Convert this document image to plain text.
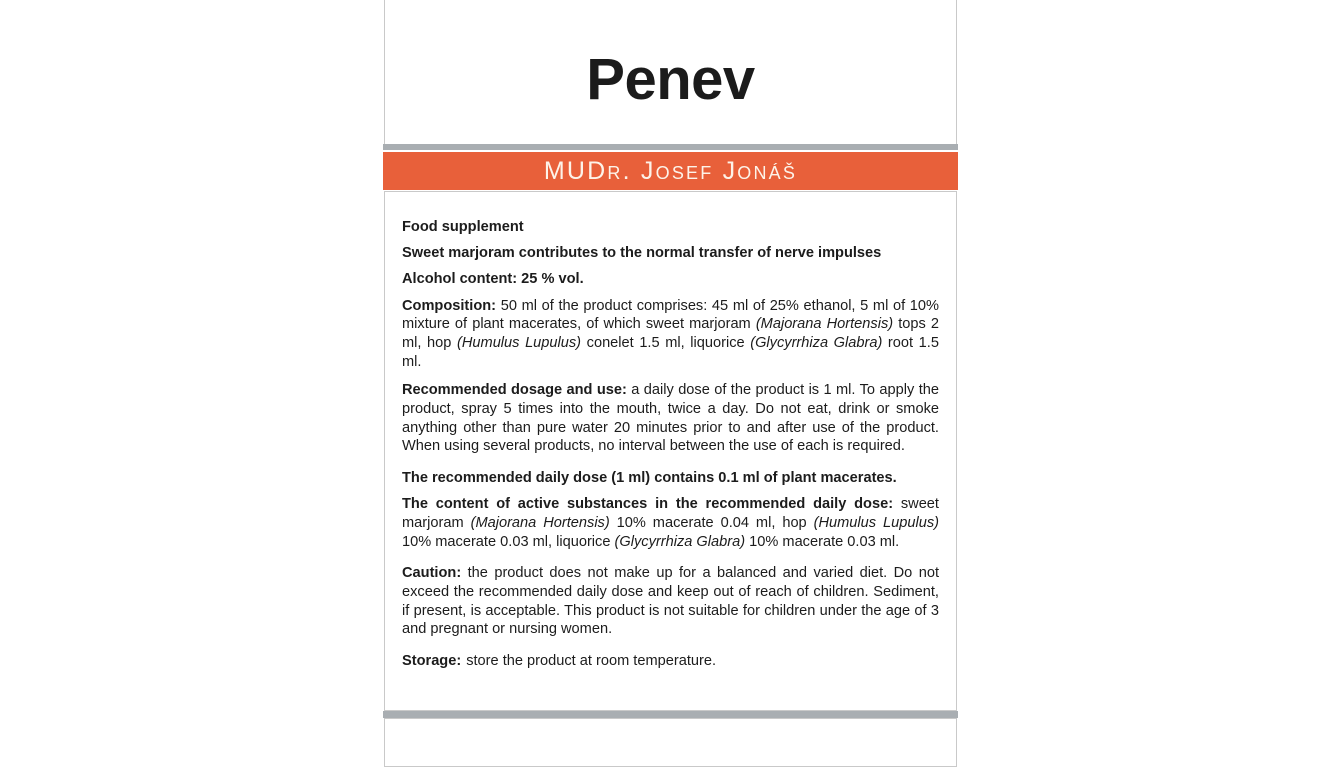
Penev
MUDr. Josef Jonáš
Food supplement
Sweet marjoram contributes to the normal transfer of nerve impulses
Alcohol content: 25 % vol.

Composition: 50 ml of the product comprises: 45 ml of 25% ethanol, 5 ml of 10% mixture of plant macerates, of which sweet marjoram (Majorana Hortensis) tops 2 ml, hop (Humulus Lupulus) conelet 1.5 ml, liquorice (Glycyrrhiza Glabra) root 1.5 ml.

Recommended dosage and use: a daily dose of the product is 1 ml. To apply the product, spray 5 times into the mouth, twice a day. Do not eat, drink or smoke anything other than pure water 20 minutes prior to and after use of the product. When using several products, no interval between the use of each is required.

The recommended daily dose (1 ml) contains 0.1 ml of plant macerates.

The content of active substances in the recommended daily dose: sweet marjoram (Majorana Hortensis) 10% macerate 0.04 ml, hop (Humulus Lupulus) 10% macerate 0.03 ml, liquorice (Glycyrrhiza Glabra) 10% macerate 0.03 ml.

Caution: the product does not make up for a balanced and varied diet. Do not exceed the recommended daily dose and keep out of reach of children. Sediment, if present, is acceptable. This product is not suitable for children under the age of 3 and pregnant or nursing women.

Storage: store the product at room temperature.
